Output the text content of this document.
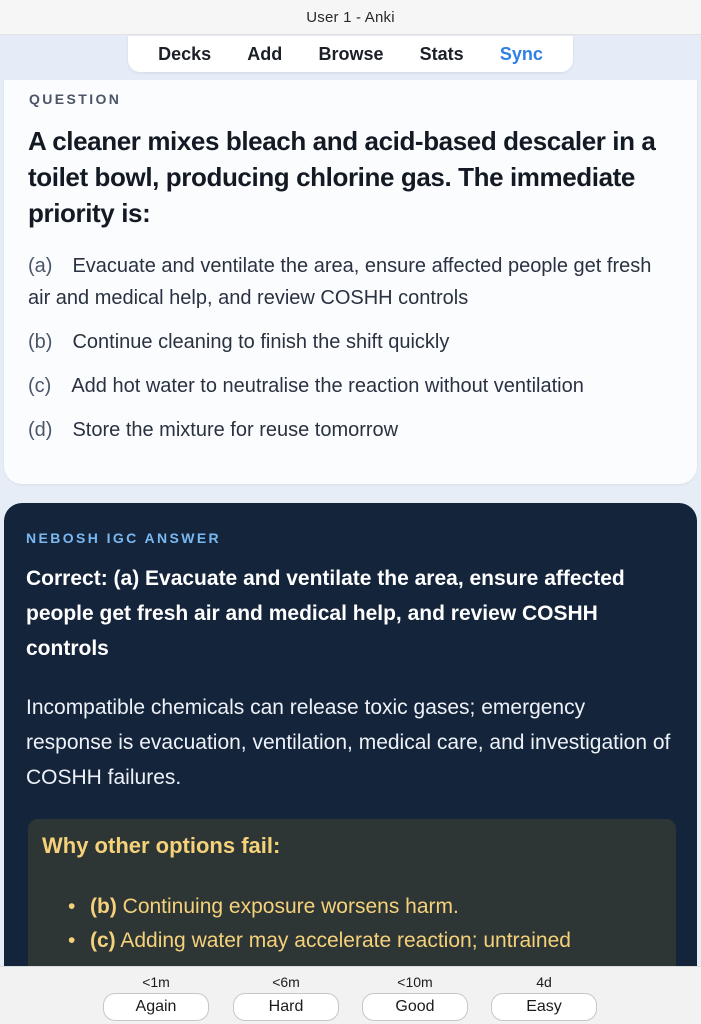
User 1 - Anki
Decks Add Browse Stats Sync
QUESTION
A cleaner mixes bleach and acid-based descaler in a toilet bowl, producing chlorine gas. The immediate priority is:
(a) Evacuate and ventilate the area, ensure affected people get fresh air and medical help, and review COSHH controls
(b) Continue cleaning to finish the shift quickly
(c) Add hot water to neutralise the reaction without ventilation
(d) Store the mixture for reuse tomorrow
NEBOSH IGC ANSWER
Correct: (a) Evacuate and ventilate the area, ensure affected people get fresh air and medical help, and review COSHH controls
Incompatible chemicals can release toxic gases; emergency response is evacuation, ventilation, medical care, and investigation of COSHH failures.
Why other options fail:
• (b) Continuing exposure worsens harm.
• (c) Adding water may accelerate reaction; untrained
<1m
Again
<6m
Hard
<10m
Good
4d
Easy
